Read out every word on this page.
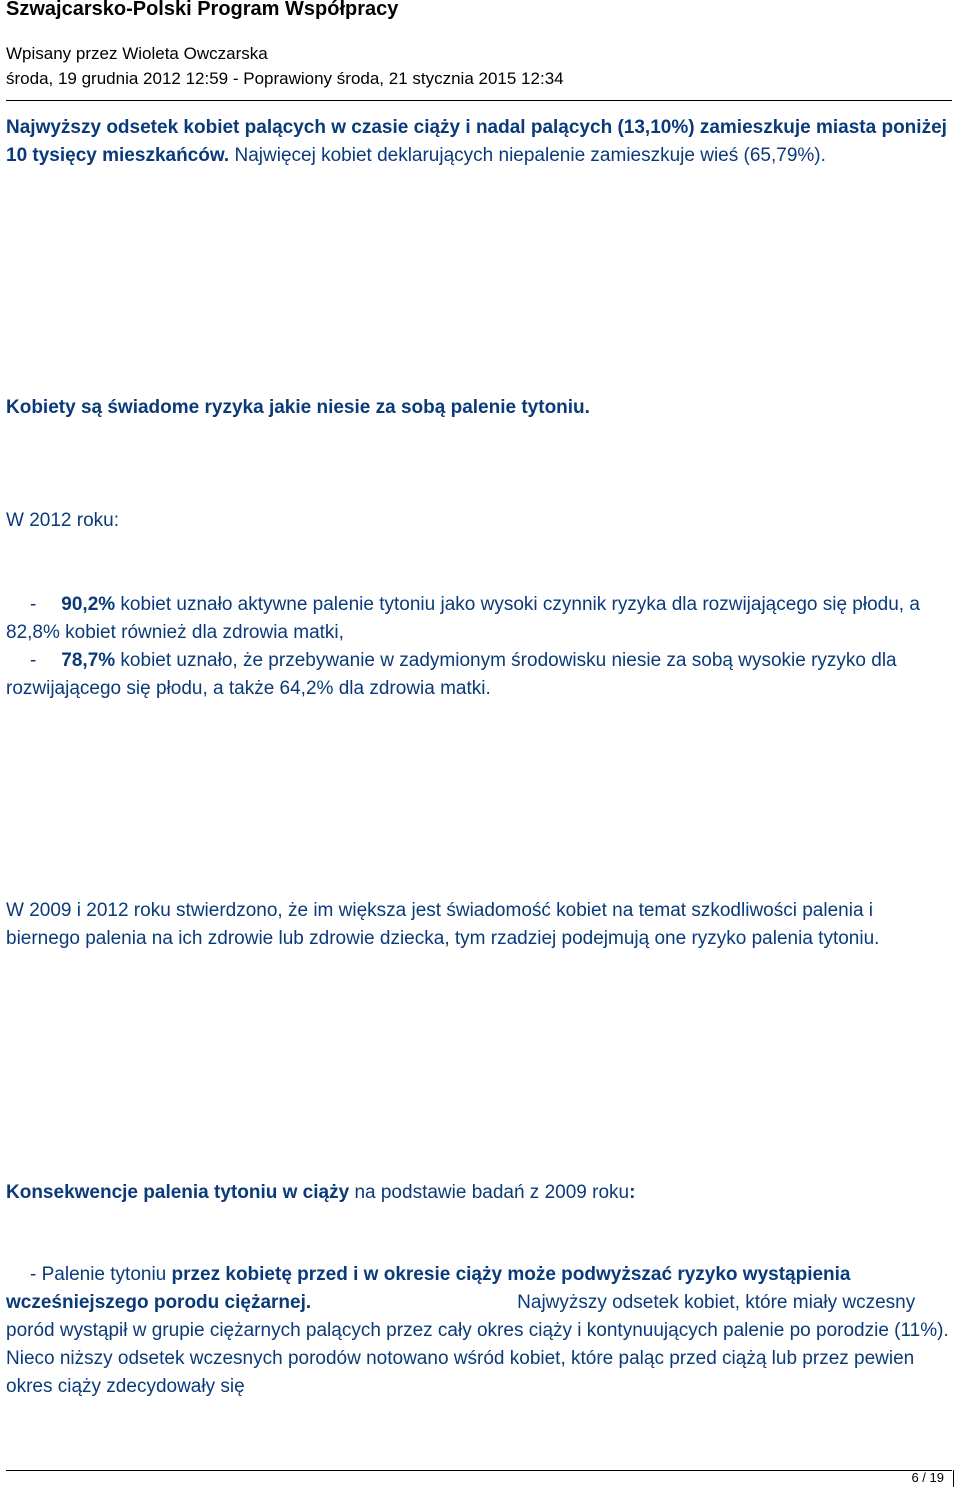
Szwajcarsko-Polski Program Współpracy
Wpisany przez Wioleta Owczarska
środa, 19 grudnia 2012 12:59 - Poprawiony środa, 21 stycznia 2015 12:34
Najwyższy odsetek kobiet palących w czasie ciąży i nadal palących (13,10%) zamieszkuje miasta poniżej 10 tysięcy mieszkańców. Najwięcej kobiet deklarujących niepalenie zamieszkuje wieś (65,79%).
Kobiety są świadome ryzyka jakie niesie za sobą palenie tytoniu.
W 2012 roku:
- 90,2% kobiet uznało aktywne palenie tytoniu jako wysoki czynnik ryzyka dla rozwijającego się płodu, a 82,8% kobiet również dla zdrowia matki,
- 78,7% kobiet uznało, że przebywanie w zadymionym środowisku niesie za sobą wysokie ryzyko dla rozwijającego się płodu, a także 64,2% dla zdrowia matki.
W 2009 i 2012 roku stwierdzono, że im większa jest świadomość kobiet na temat szkodliwości palenia i biernego palenia na ich zdrowie lub zdrowie dziecka, tym rzadziej podejmują one ryzyko palenia tytoniu.
Konsekwencje palenia tytoniu w ciąży na podstawie badań z 2009 roku:
- Palenie tytoniu przez kobietę przed i w okresie ciąży może podwyższać ryzyko wystąpienia wcześniejszego porodu ciężarnej.	Najwyższy odsetek kobiet, które miały wczesny poród wystąpił w grupie ciężarnych palących przez cały okres ciąży i kontynuujących palenie po porodzie (11%). Nieco niższy odsetek wczesnych porodów notowano wśród kobiet, które paląc przed ciążą lub przez pewien okres ciąży zdecydowały się
6 / 19
